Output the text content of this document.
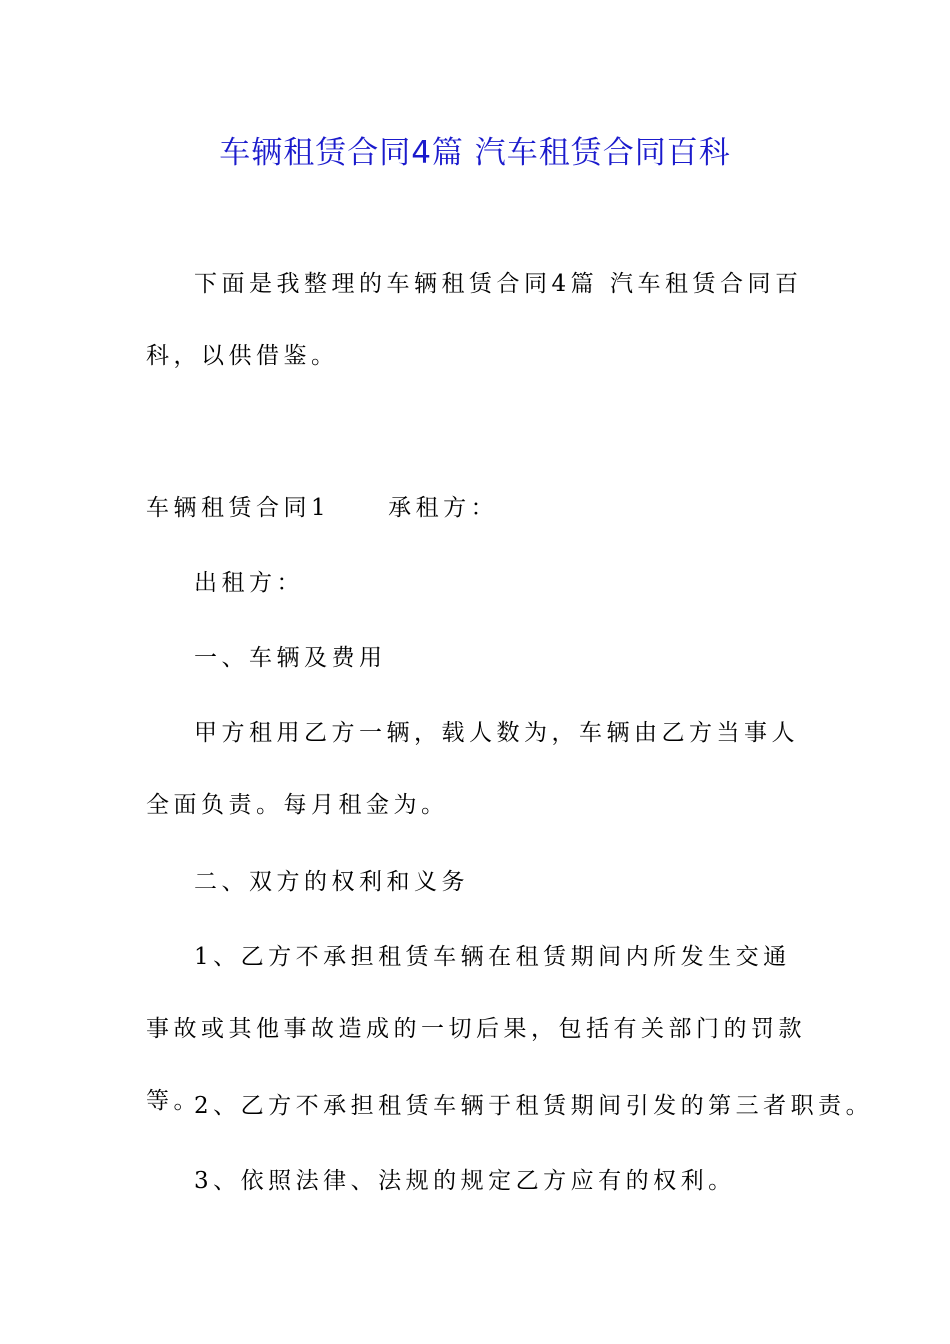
车辆租赁合同4篇 汽车租赁合同百科

下面是我整理的车辆租赁合同4篇 汽车租赁合同百科，以供借鉴。

车辆租赁合同1	承租方：

出租方：

一、车辆及费用

甲方租用乙方一辆，载人数为，车辆由乙方当事人全面负责。每月租金为。

二、双方的权利和义务

1、乙方不承担租赁车辆在租赁期间内所发生交通事故或其他事故造成的一切后果，包括有关部门的罚款等。

2、乙方不承担租赁车辆于租赁期间引发的第三者职责。

3、依照法律、法规的规定乙方应有的权利。
